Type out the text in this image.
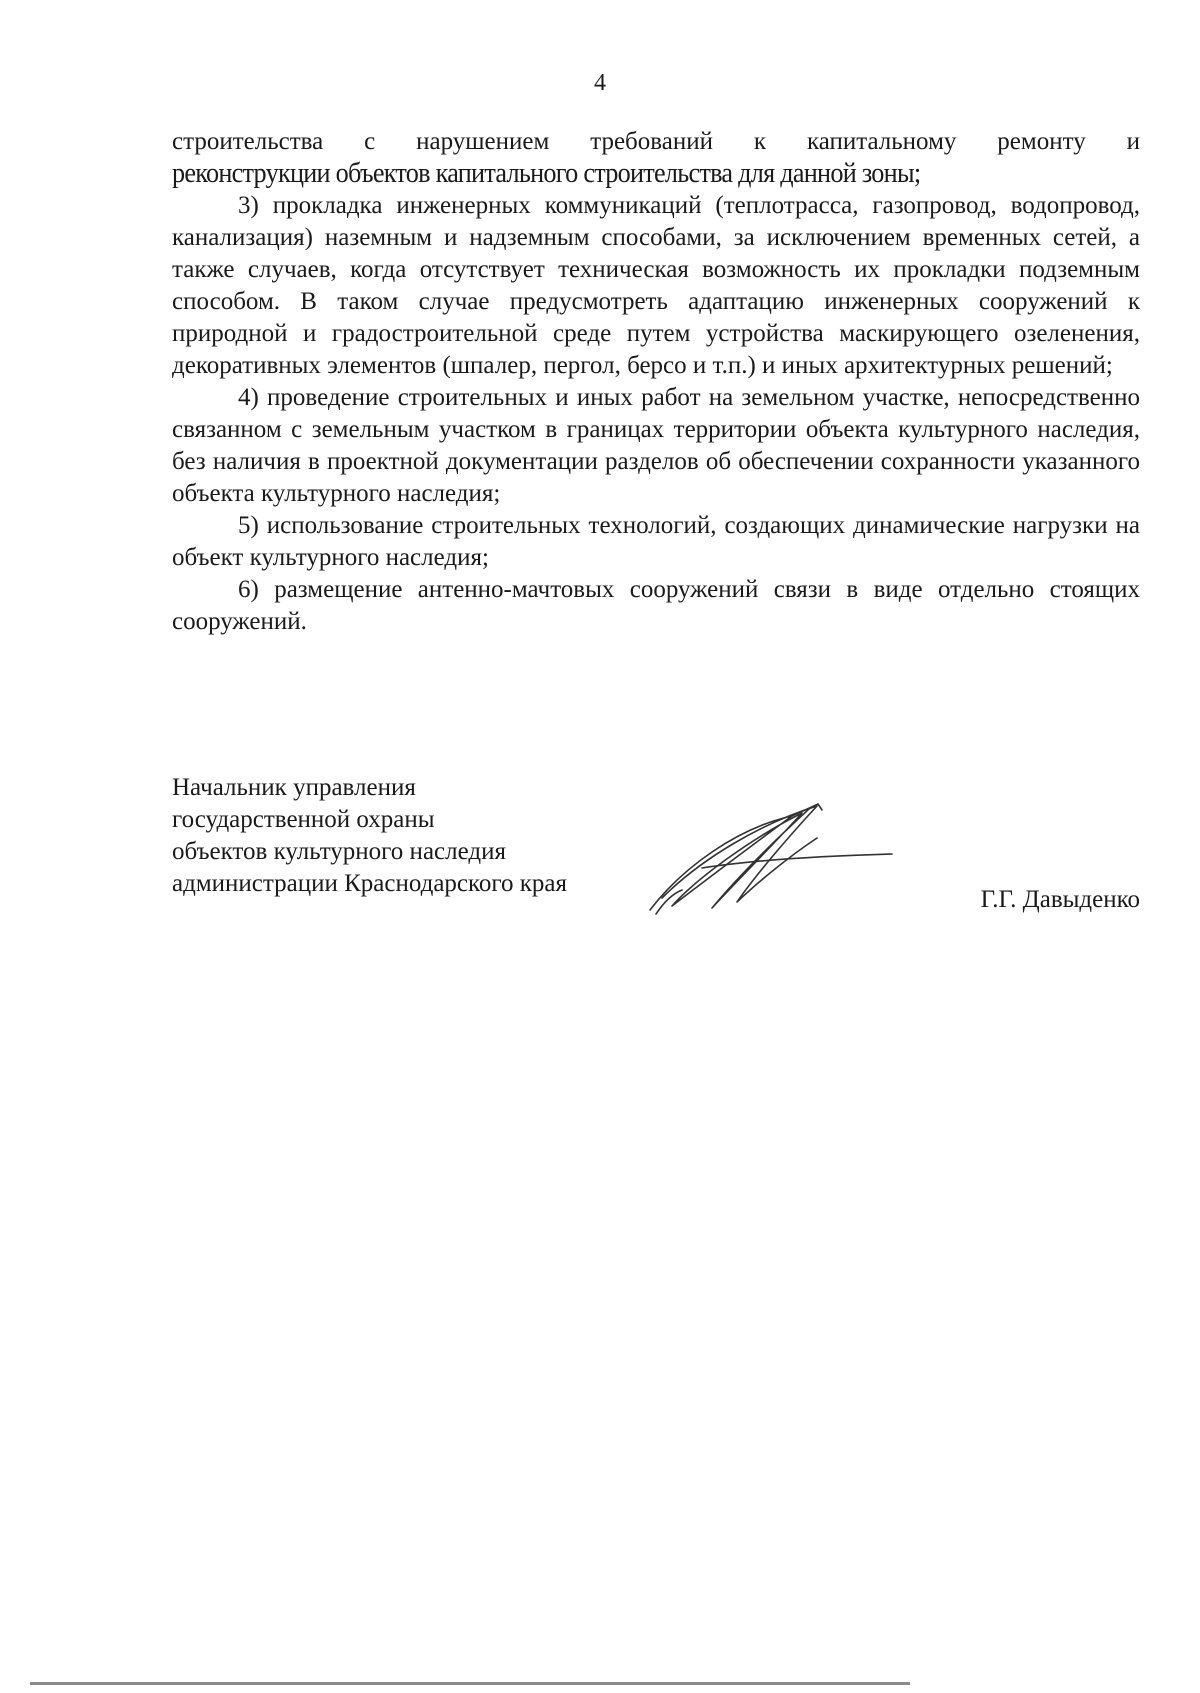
4

строительства с нарушением требований к капитальному ремонту и

реконструкции объектов капитального строительства для данной зоны;

3) прокладка инженерных коммуникаций (теплотрасса, газопровод, водопровод, канализация) наземным и надземным способами, за исключением временных сетей, а также случаев, когда отсутствует техническая возможность их прокладки подземным способом. В таком случае предусмотреть адаптацию инженерных сооружений к природной и градостроительной среде путем устройства маскирующего озеленения, декоративных элементов (шпалер, пергол, берсо и т.п.) и иных архитектурных решений;

4) проведение строительных и иных работ на земельном участке, непосредственно связанном с земельным участком в границах территории объекта культурного наследия, без наличия в проектной документации разделов об обеспечении сохранности указанного объекта культурного наследия;

5) использование строительных технологий, создающих динамические нагрузки на объект культурного наследия;

6) размещение антенно-мачтовых сооружений связи в виде отдельно стоящих сооружений.

Начальник управления
государственной охраны
объектов культурного наследия
администрации Краснодарского края
Г.Г. Давыденко
